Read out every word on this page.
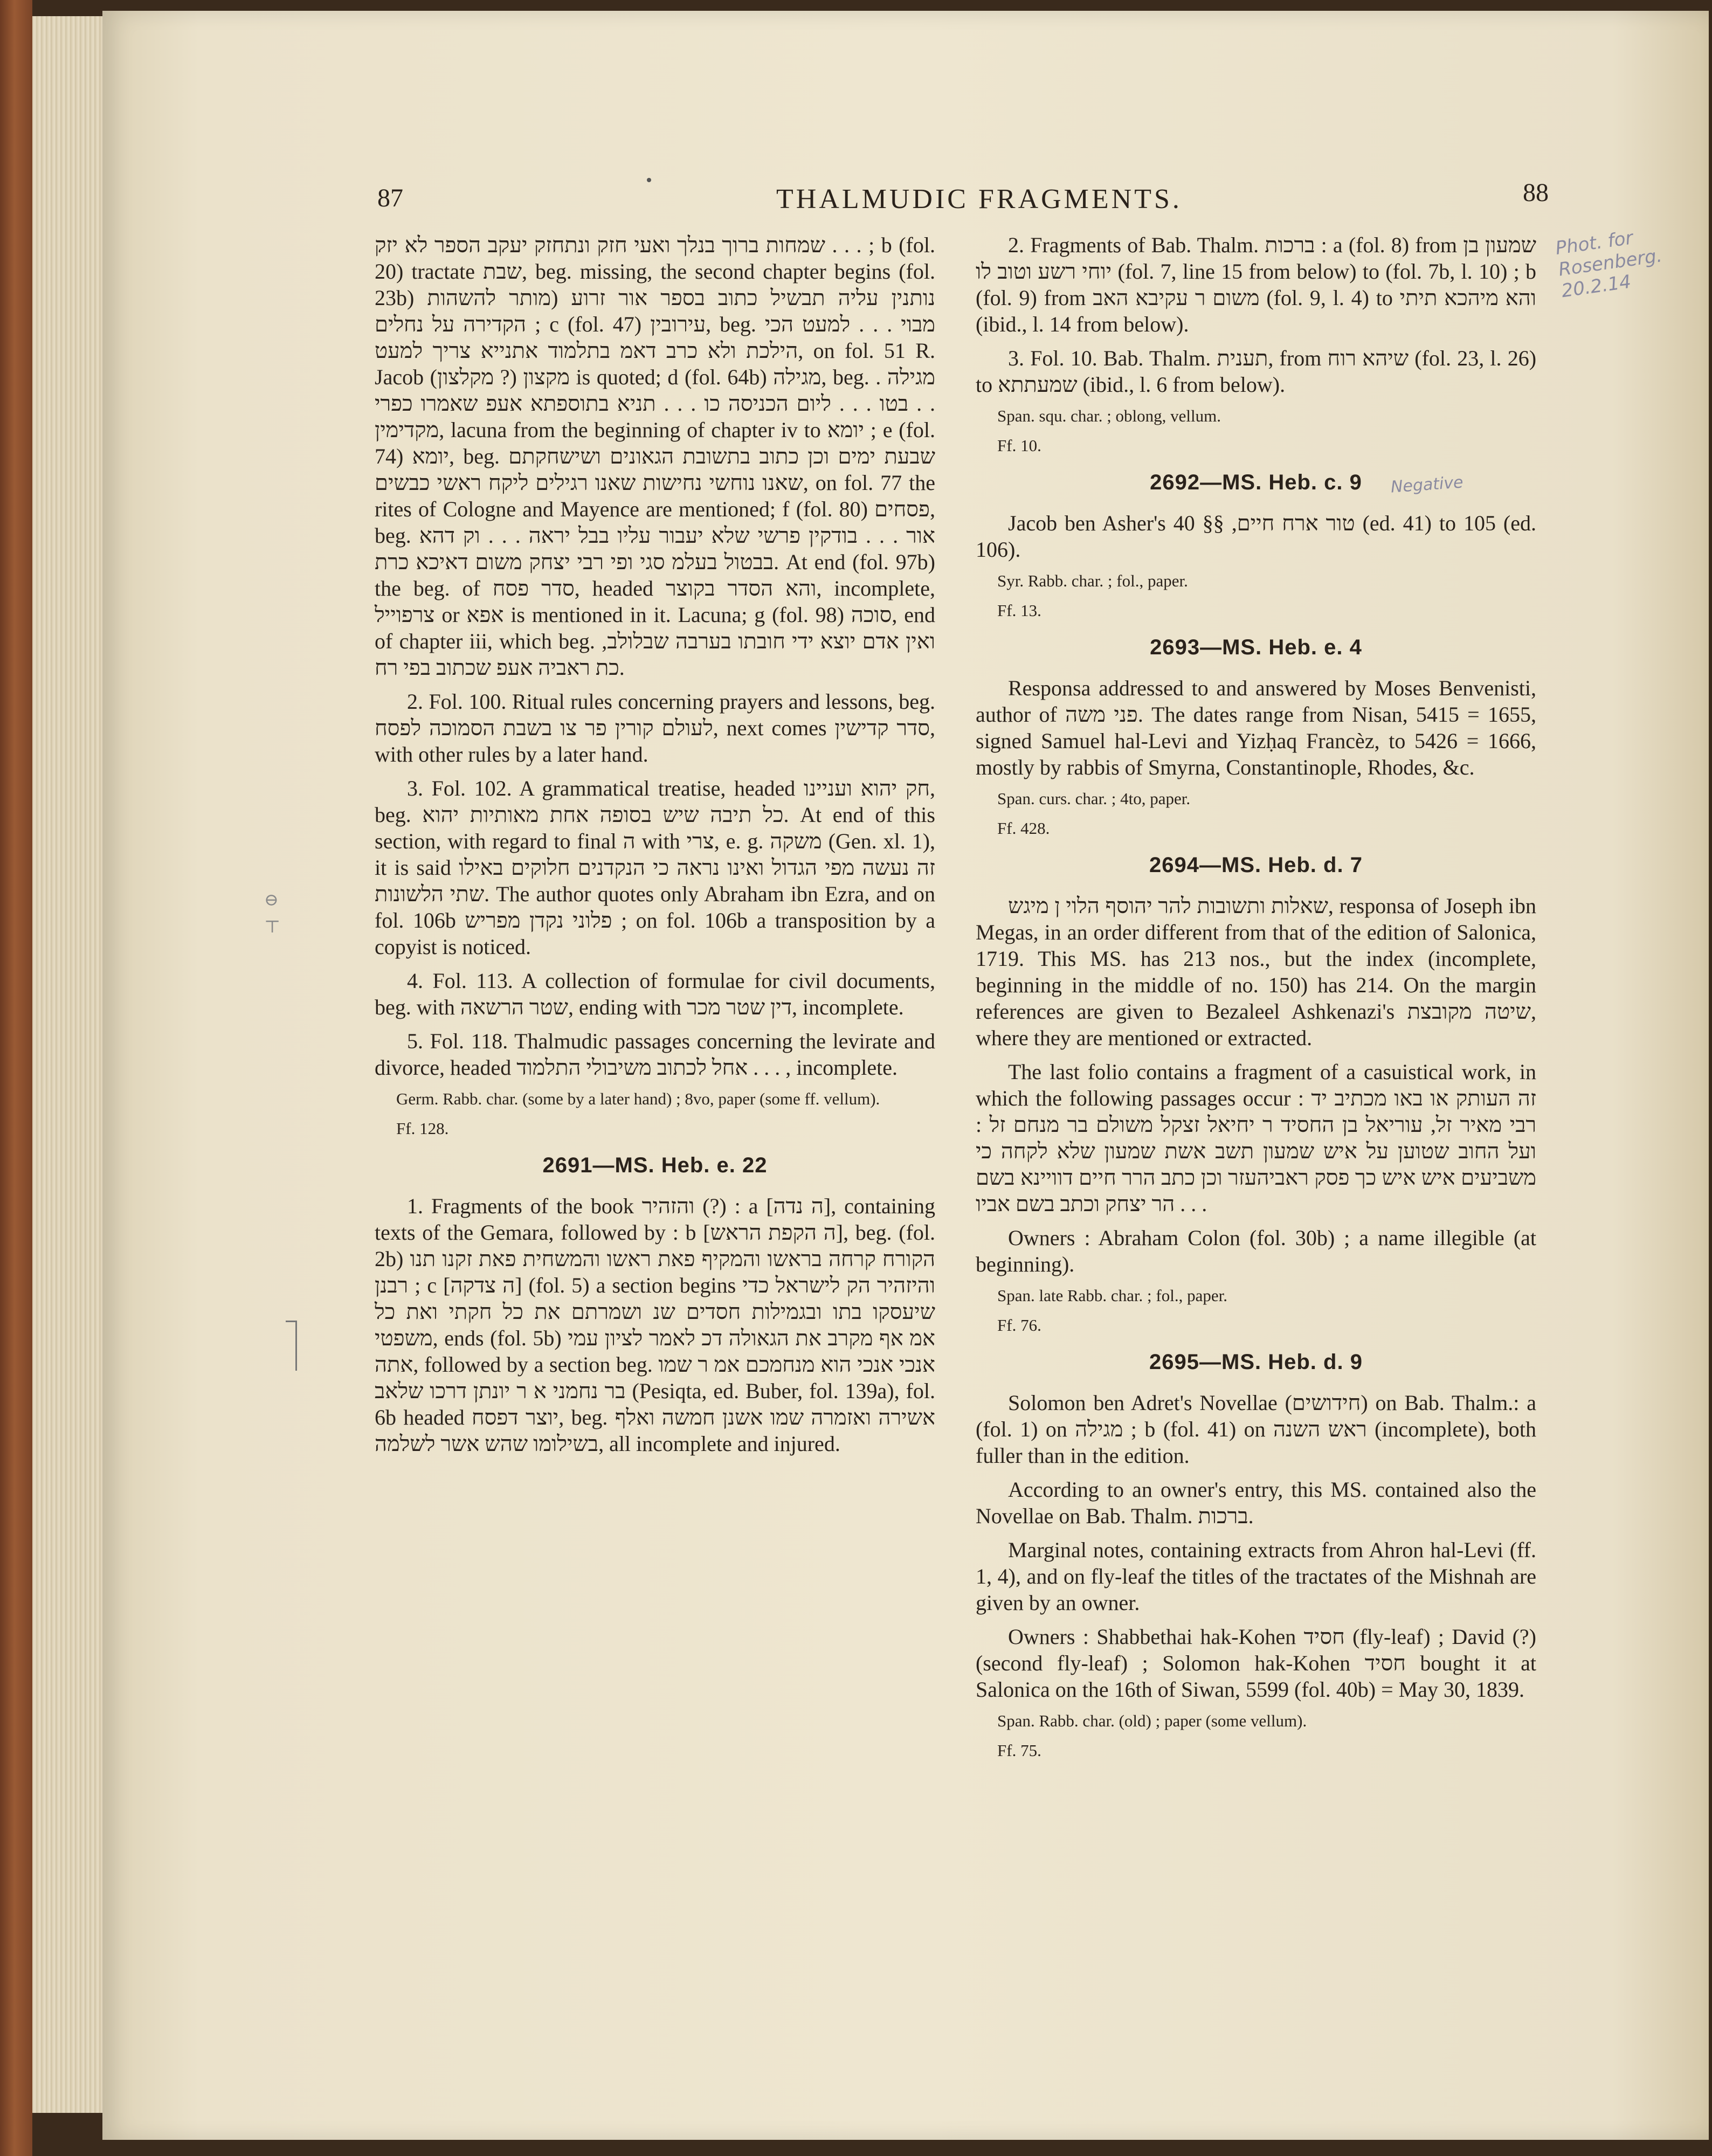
87	THALMUDIC FRAGMENTS.	88
⊖
⊤

שמחות ברוך בנלך ואעי חזק ונתחזק יעקב הספר לא יזק . . . ; b (fol. 20) tractate שבת, beg. missing, the second chapter begins (fol. 23b) נותנין עליה תבשיל כתוב בספר אור זרוע (מותר להשהות הקדירה על נחלים ; c (fol. 47) עירובין, beg. מבוי . . . למעט הכי הילכת ולא כרב דאמ בתלמוד אתנייא צריך למעט, on fol. 51 R. Jacob מקצון (? מקלצון) is quoted; d (fol. 64b) מגילה, beg. מגילה . . . בטו . . . ליום הכניסה כו . . . תניא בתוספתא אעפ שאמרו כפרי מקדימין, lacuna from the beginning of chapter iv to יומא ; e (fol. 74) יומא, beg. שבעת ימים וכן כתוב בתשובת הגאונים ושישחקתם שאנו נוחשי נחישות שאנו רגילים ליקח ראשי כבשים, on fol. 77 the rites of Cologne and Mayence are mentioned; f (fol. 80) פסחים, beg. אור . . . בודקין פרשי שלא יעבור עליו בבל יראה . . . וק דהא בבטול בעלמ סגי ופי רבי יצחק משום דאיכא כרת. At end (fol. 97b) the beg. of סדר פסח, headed והא הסדר בקוצר, incomplete, צרפוייל or אפא is mentioned in it. Lacuna; g (fol. 98) סוכה, end of chapter iii, which beg. ואין אדם יוצא ידי חובתו בערבה שבלולב, כת ראביה אעפ שכתוב בפי רח.

2. Fol. 100. Ritual rules concerning prayers and lessons, beg. לעולם קורין פר צו בשבת הסמוכה לפסח, next comes סדר קדישין, with other rules by a later hand.

3. Fol. 102. A grammatical treatise, headed חק יהוא ועניינו, beg. כל תיבה שיש בסופה אחת מאותיות יהוא. At end of this section, with regard to final ה with צרי, e. g. משקה (Gen. xl. 1), it is said זה נעשה מפי הגדול ואינו נראה כי הנקדנים חלוקים באילו שתי הלשונות. The author quotes only Abraham ibn Ezra, and on fol. 106b פלוני נקדן מפריש ; on fol. 106b a transposition by a copyist is noticed.

4. Fol. 113. A collection of formulae for civil documents, beg. with שטר הרשאה, ending with דין שטר מכר, incomplete.

5. Fol. 118. Thalmudic passages concerning the levirate and divorce, headed אחל לכתוב משיבולי התלמוד . . . , incomplete.

Germ. Rabb. char. (some by a later hand) ; 8vo, paper (some ff. vellum).

Ff. 128.

2691—MS. Heb. e. 22

1. Fragments of the book והזהיר (?) : a [ה נדה], containing texts of the Gemara, followed by : b [ה הקפת הראש], beg. (fol. 2b) הקורח קרחה בראשו והמקיף פאת ראשו והמשחית פאת זקנו תנו רבנן ; c [ה צדקה] (fol. 5) a section begins והיזהיר הק לישראל כדי שיעסקו בתו ובגמילות חסדים שנ ושמרתם את כל חקתי ואת כל משפטי, ends (fol. 5b) אמ אף מקרב את הגאולה דכ לאמר לציון עמי אתה, followed by a section beg. אנכי אנכי הוא מנחמכם אמ ר שמו בר נחמני א ר יונתן דרכו שלאב (Pesiqta, ed. Buber, fol. 139a), fol. 6b headed יוצר דפסח, beg. אשירה ואזמרה שמו אשנן חמשה ואלף בשילומו שהש אשר לשלמה, all incomplete and injured.

2. Fragments of Bab. Thalm. ברכות : a (fol. 8) from שמעון בן יוחי רשע וטוב לו (fol. 7, line 15 from below) to (fol. 7b, l. 10) ; b (fol. 9) from משום ר עקיבא האב (fol. 9, l. 4) to והא מיהכא תיתי (ibid., l. 14 from below).

3. Fol. 10. Bab. Thalm. תענית, from שיהא רוח (fol. 23, l. 26) to שמעתתא (ibid., l. 6 from below).

Span. squ. char. ; oblong, vellum.

Ff. 10.

2692—MS. Heb. c. 9

Jacob ben Asher's טור ארח חיים, §§ 40 (ed. 41) to 105 (ed. 106).

Syr. Rabb. char. ; fol., paper.

Ff. 13.

2693—MS. Heb. e. 4

Responsa addressed to and answered by Moses Benvenisti, author of פני משה. The dates range from Nisan, 5415 = 1655, signed Samuel hal-Levi and Yizḥaq Francèz, to 5426 = 1666, mostly by rabbis of Smyrna, Constantinople, Rhodes, &c.

Span. curs. char. ; 4to, paper.

Ff. 428.

2694—MS. Heb. d. 7

שאלות ותשובות להר יהוסף הלוי ן מיגש, responsa of Joseph ibn Megas, in an order different from that of the edition of Salonica, 1719. This MS. has 213 nos., but the index (incomplete, beginning in the middle of no. 150) has 214. On the margin references are given to Bezaleel Ashkenazi's שיטה מקובצת, where they are mentioned or extracted.

The last folio contains a fragment of a casuistical work, in which the following passages occur : זה העותק או באו מכתיב יד רבי מאיר זל, עוריאל בן החסיד ר יחיאל זצקל משולם בר מנחם זל : ועל החוב שטוען על איש שמעון תשב אשת שמעון שלא לקחה כי משביעים איש איש כך פסק ראביהעזר וכן כתב הרר חיים דוויינא בשם הר יצחק וכתב בשם אביו . . .

Owners : Abraham Colon (fol. 30b) ; a name illegible (at beginning).

Span. late Rabb. char. ; fol., paper.

Ff. 76.

2695—MS. Heb. d. 9

Solomon ben Adret's Novellae (חידושים) on Bab. Thalm.: a (fol. 1) on מגילה ; b (fol. 41) on ראש השנה (incomplete), both fuller than in the edition.

According to an owner's entry, this MS. contained also the Novellae on Bab. Thalm. ברכות.

Marginal notes, containing extracts from Ahron hal-Levi (ff. 1, 4), and on fly-leaf the titles of the tractates of the Mishnah are given by an owner.

Owners : Shabbethai hak-Kohen חסיד (fly-leaf) ; David (?) (second fly-leaf) ; Solomon hak-Kohen חסיד bought it at Salonica on the 16th of Siwan, 5599 (fol. 40b) = May 30, 1839.

Span. Rabb. char. (old) ; paper (some vellum).

Ff. 75.

Phot. for Rosenberg. 20.2.14
Negative
